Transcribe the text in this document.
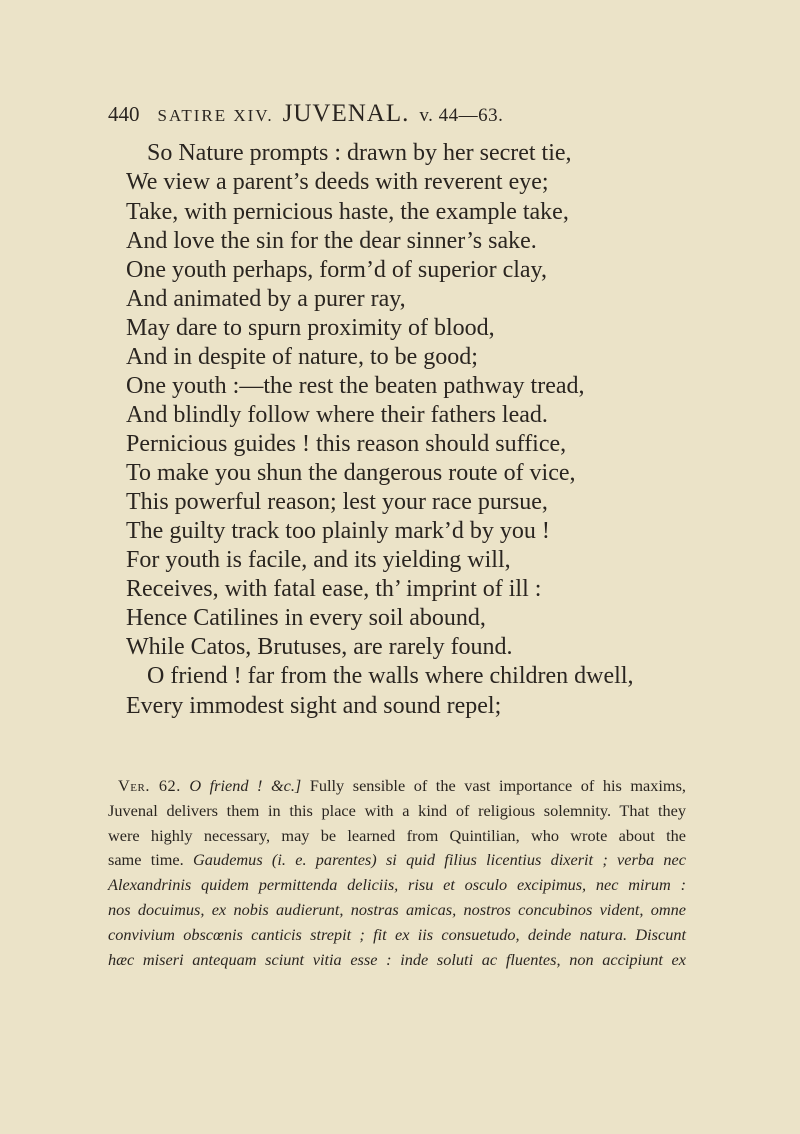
440 SATIRE XIV. JUVENAL. v. 44—63.
So Nature prompts : drawn by her secret tie,
We view a parent’s deeds with reverent eye;
Take, with pernicious haste, the example take,
And love the sin for the dear sinner’s sake.
One youth perhaps, form’d of superior clay,
And animated by a purer ray,
May dare to spurn proximity of blood,
And in despite of nature, to be good;
One youth :—the rest the beaten pathway tread,
And blindly follow where their fathers lead.
Pernicious guides ! this reason should suffice,
To make you shun the dangerous route of vice,
This powerful reason; lest your race pursue,
The guilty track too plainly mark’d by you !
For youth is facile, and its yielding will,
Receives, with fatal ease, th’ imprint of ill :
Hence Catilines in every soil abound,
While Catos, Brutuses, are rarely found.
O friend ! far from the walls where children dwell,
Every immodest sight and sound repel;
Ver. 62. O friend ! &c.] Fully sensible of the vast importance of his maxims,
Juvenal delivers them in this place with a kind of religious solemnity. That they
were highly necessary, may be learned from Quintilian, who wrote about the
same time. Gaudemus (i. e. parentes) si quid filius licentius dixerit ; verba nec
Alexandrinis quidem permittenda deliciis, risu et osculo excipimus, nec mirum :
nos docuimus, ex nobis audierunt, nostras amicas, nostros concubinos vident, omne
convivium obscœnis canticis strepit ; fit ex iis consuetudo, deinde natura. Discunt
hæc miseri antequam sciunt vitia esse : inde soluti ac fluentes, non accipiunt ex
